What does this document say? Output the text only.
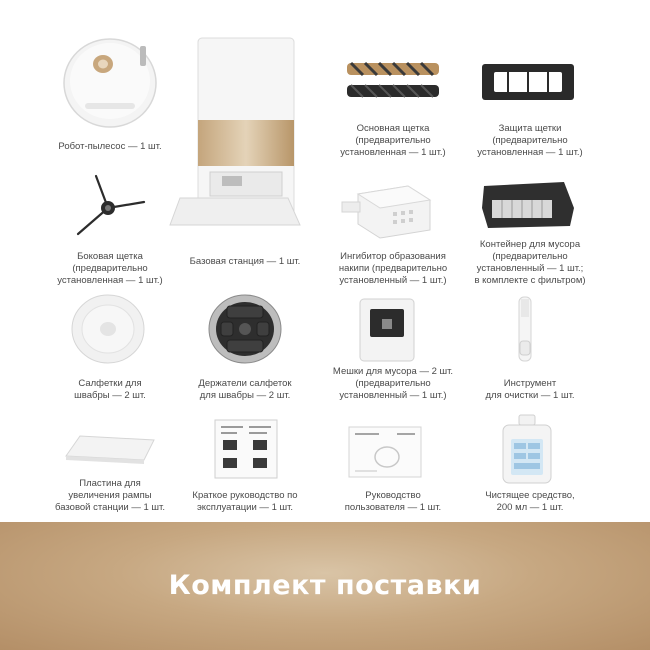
Робот-пылесос — 1 шт.
Базовая станция — 1 шт.
Основная щетка
(предварительно
установленная — 1 шт.)
Защита щетки
(предварительно
установленная — 1 шт.)
Боковая щетка
(предварительно
установленная — 1 шт.)
Ингибитор образования
накипи (предварительно
установленный — 1 шт.)
Контейнер для мусора
(предварительно
установленный — 1 шт.;
в комплекте с фильтром)
Салфетки для
швабры — 2 шт.
Держатели салфеток
для швабры — 2 шт.
Мешки для мусора — 2 шт.
(предварительно
установленный — 1 шт.)
Инструмент
для очистки — 1 шт.
Пластина для
увеличения рампы
базовой станции — 1 шт.
Краткое руководство по
эксплуатации — 1 шт.
Руководство
пользователя — 1 шт.
Чистящее средство,
200 мл — 1 шт.
Комплект поставки
